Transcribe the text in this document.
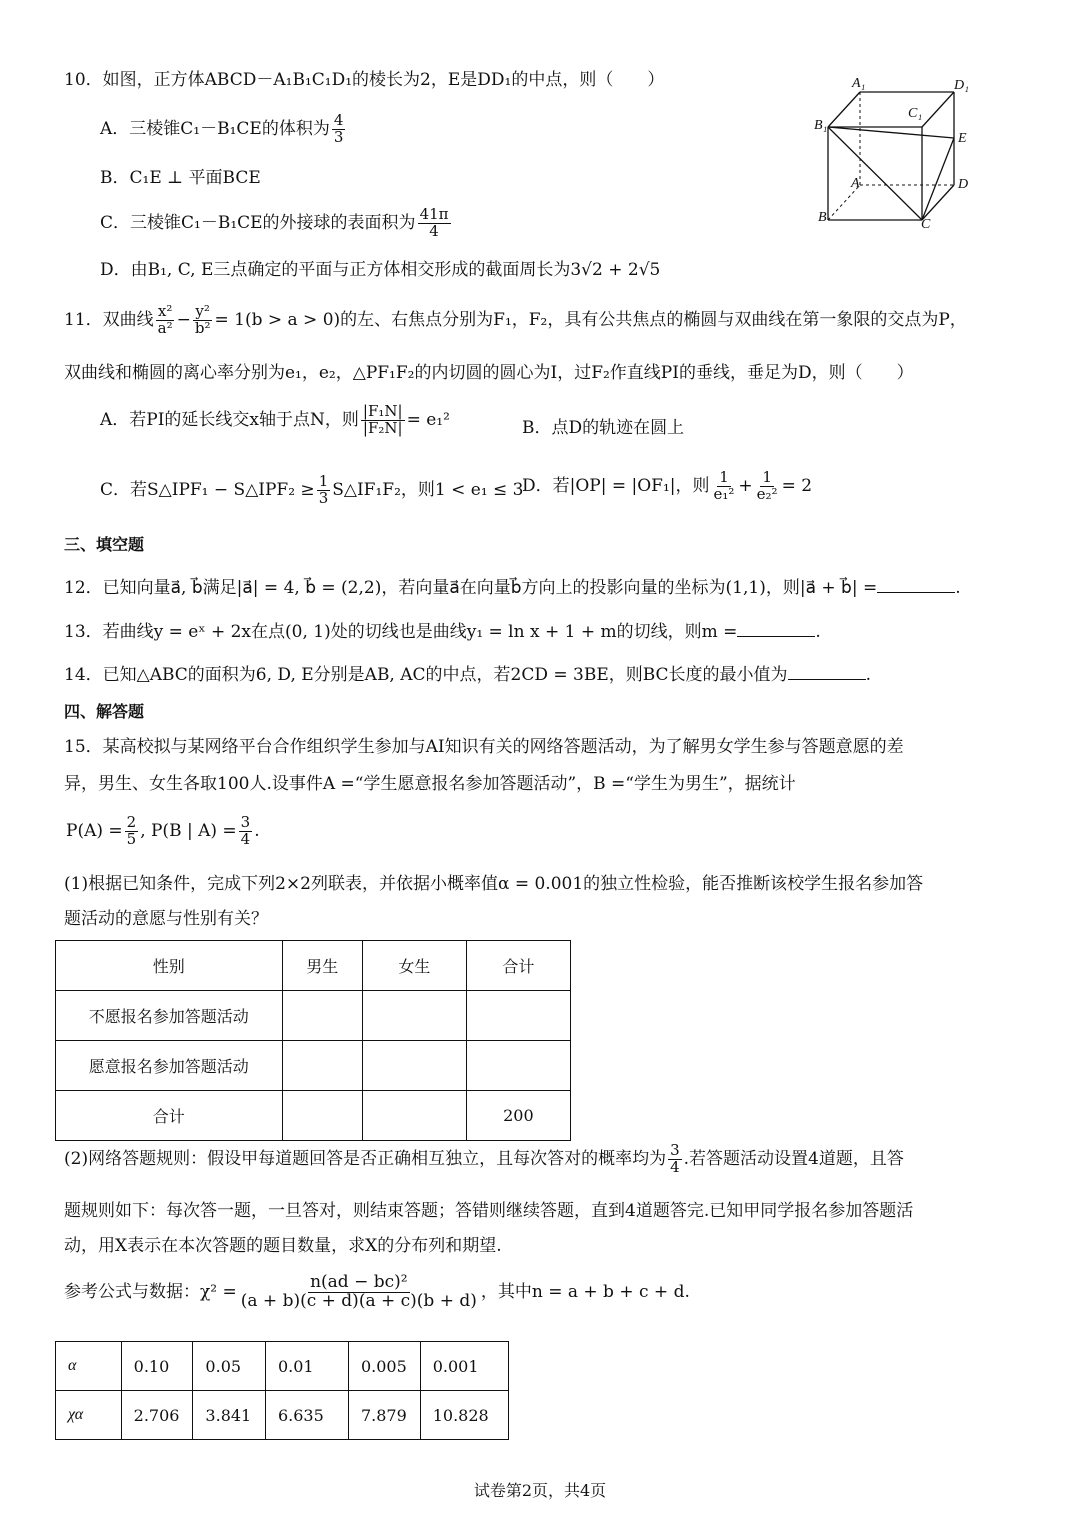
10．如图，正方体ABCD－A₁B₁C₁D₁的棱长为2，E是DD₁的中点，则（　　）
A．三棱锥C₁－B₁CE的体积为 $\frac{4}{3}$
B．C₁E ⊥ 平面BCE
C．三棱锥C₁－B₁CE的外接球的表面积为 $\frac{41\pi}{4}$
D．由B₁, C, E三点确定的平面与正方体相交形成的截面周长为3√2 + 2√5
A₁	D₁
C₁
B₁
E
A	D
B	C
11．双曲线 $\frac{\text{x²}}{\text{a²}} - \frac{\text{y²}}{\text{b²}} = 1(b > a > 0)$的左、右焦点分别为F₁，F₂，具有公共焦点的椭圆与双曲线在第一象限的交点为P，
双曲线和椭圆的离心率分别为e₁，e₂，△PF₁F₂的内切圆的圆心为I，过F₂作直线PI的垂线，垂足为D，则（　　）
A．若PI的延长线交x轴于点N，则 $\frac{\text{|F₁N|}}{\text{|F₂N|}} = e_1^2$	B．点D的轨迹在圆上
C．若S△IPF₁ − S△IPF₂ ≥ $\frac{1}{3}$ S△IF₁F₂，则1 < e₁ ≤ 3
D．若|OP| = |OF₁|，则 $\frac{1}{\text{e₁²}} + \frac{1}{\text{e₂²}} = 2$
三、填空题
12．已知向量a⃗, b⃗满足|a⃗| = 4, b⃗ = (2,2)，若向量a⃗在向量b⃗方向上的投影向量的坐标为(1,1)，则|a⃗ + b⃗| =	.
13．若曲线y = eˣ + 2x在点(0, 1)处的切线也是曲线y₁ = ln x + 1 + m的切线，则m =	.
14．已知△ABC的面积为6, D, E分别是AB, AC的中点，若2CD = 3BE，则BC长度的最小值为	.
四、解答题
15．某高校拟与某网络平台合作组织学生参加与AI知识有关的网络答题活动，为了解男女学生参与答题意愿的差
异，男生、女生各取100人.设事件A =“学生愿意报名参加答题活动”，B =“学生为男生”，据统计
$P(A) = \frac{2}{5}$ , P(B | $A) = \frac{3}{4}$ .
(1)根据已知条件，完成下列2×2列联表，并依据小概率值α = 0.001的独立性检验，能否推断该校学生报名参加答
题活动的意愿与性别有关？
性别	男生	女生	合计
不愿报名参加答题活动			
愿意报名参加答题活动			
合计			200
(2)网络答题规则：假设甲每道题回答是否正确相互独立，且每次答对的概率均为 $\frac{3}{4}$ .若答题活动设置4道题，且答
题规则如下：每次答一题，一旦答对，则结束答题；答错则继续答题，直到4道题答完.已知甲同学报名参加答题活
动，用X表示在本次答题的题目数量，求X的分布列和期望.
参考公式与数据：$\chi^2 = \frac{\text{n(ad − bc)²}}{(a + b)(c + d)(a + c)(b + d)}$ ，其中n = a + b + c + d.
α	0.10	0.05	0.01	0.005	0.001
χα	2.706	3.841	6.635	7.879	10.828
试卷第2页，共4页
